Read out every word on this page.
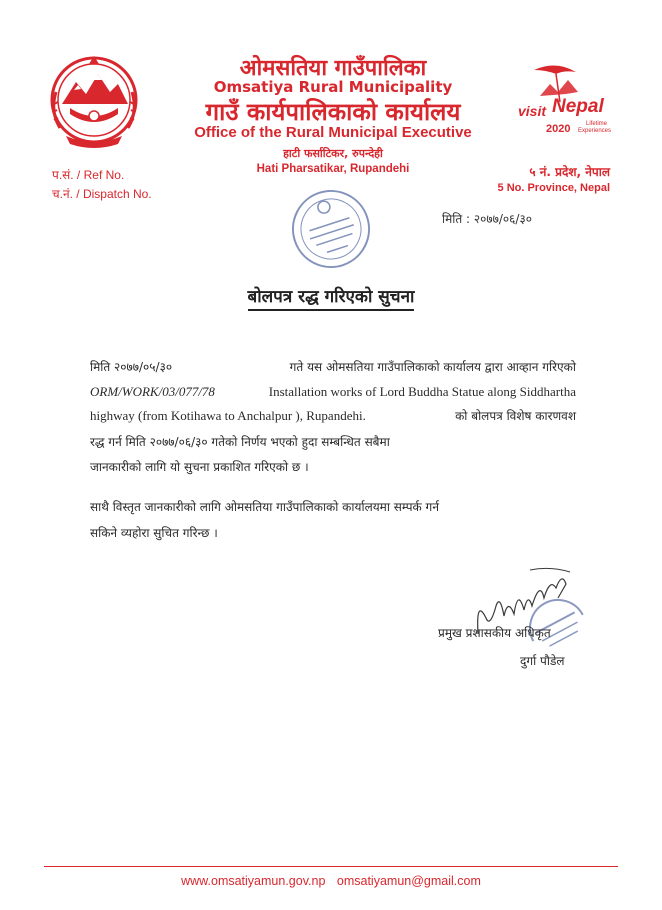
ओमसतिया गाउँपालिका
Omsatiya Rural Municipality
गाउँ कार्यपालिकाको कार्यालय
Office of the Rural Municipal Executive
हाटी फर्साटिकर, रुपन्देही
Hati Pharsatikar, Rupandehi
visit Nepal
2020	Lifetime
Experiences
प.सं. / Ref No.
च.नं. / Dispatch No.
५ नं. प्रदेश, नेपाल
5 No. Province, Nepal
मिति : २०७७/०६/३०
बोलपत्र रद्ध गरिएको सुचना
मिति २०७७/०५/३०	गते यस ओमसतिया गाउँपालिकाको कार्यालय द्वारा आव्हान गरिएको
ORM/WORK/03/077/78	Installation works of Lord Buddha Statue along Siddhartha
highway (from Kotihawa to Anchalpur ), Rupandehi.	को बोलपत्र विशेष कारणवश
रद्ध गर्न मिति २०७७/०६/३० गतेको निर्णय भएको हुदा सम्बन्धित सबैमा
जानकारीको लागि यो सुचना प्रकाशित गरिएको छ ।
साथै विस्तृत जानकारीको लागि ओमसतिया गाउँपालिकाको कार्यालयमा सम्पर्क गर्न
सकिने व्यहोरा सुचित गरिन्छ ।
प्रमुख प्रशासकीय अधिकृत
दुर्गा पौडेल
www.omsatiyamun.gov.np omsatiyamun@gmail.com
